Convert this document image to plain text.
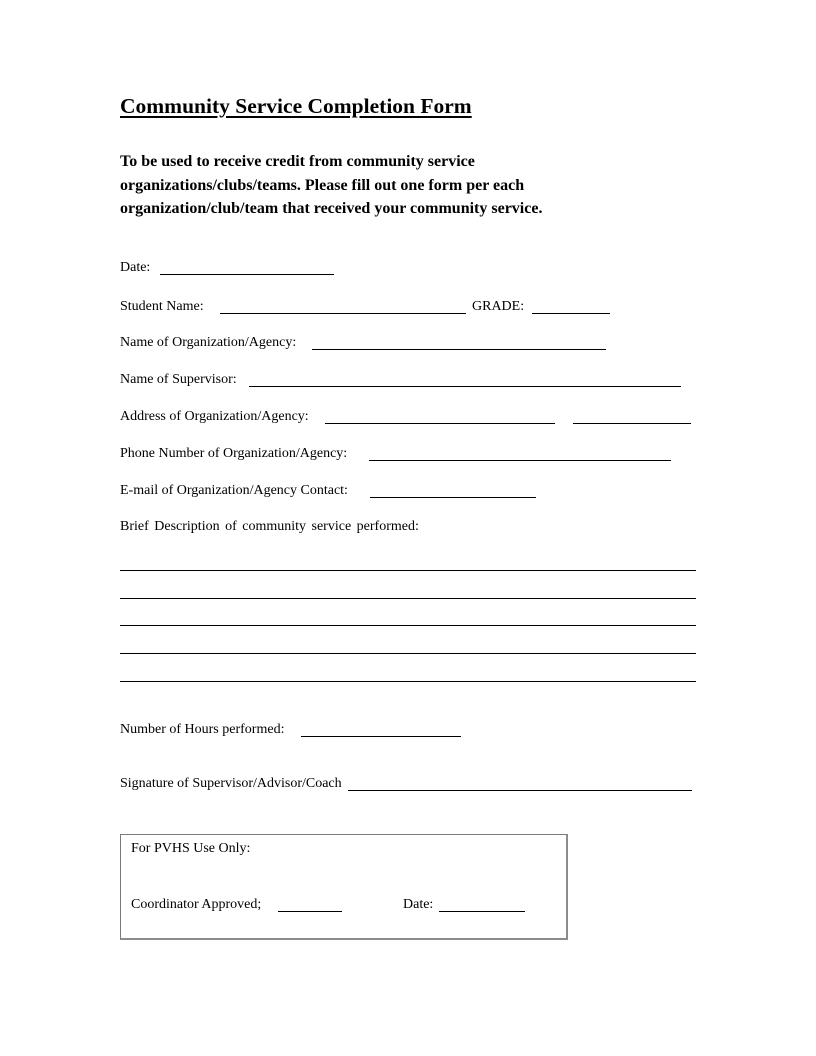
Community Service Completion Form
To be used to receive credit from community service
organizations/clubs/teams. Please fill out one form per each
organization/club/team that received your community service.
Date:
Student Name:	GRADE:
Name of Organization/Agency:
Name of Supervisor:
Address of Organization/Agency:
Phone Number of Organization/Agency:
E-mail of Organization/Agency Contact:
Brief Description of community service performed:
Number of Hours performed:
Signature of Supervisor/Advisor/Coach
For PVHS Use Only:
Coordinator Approved;	Date:
